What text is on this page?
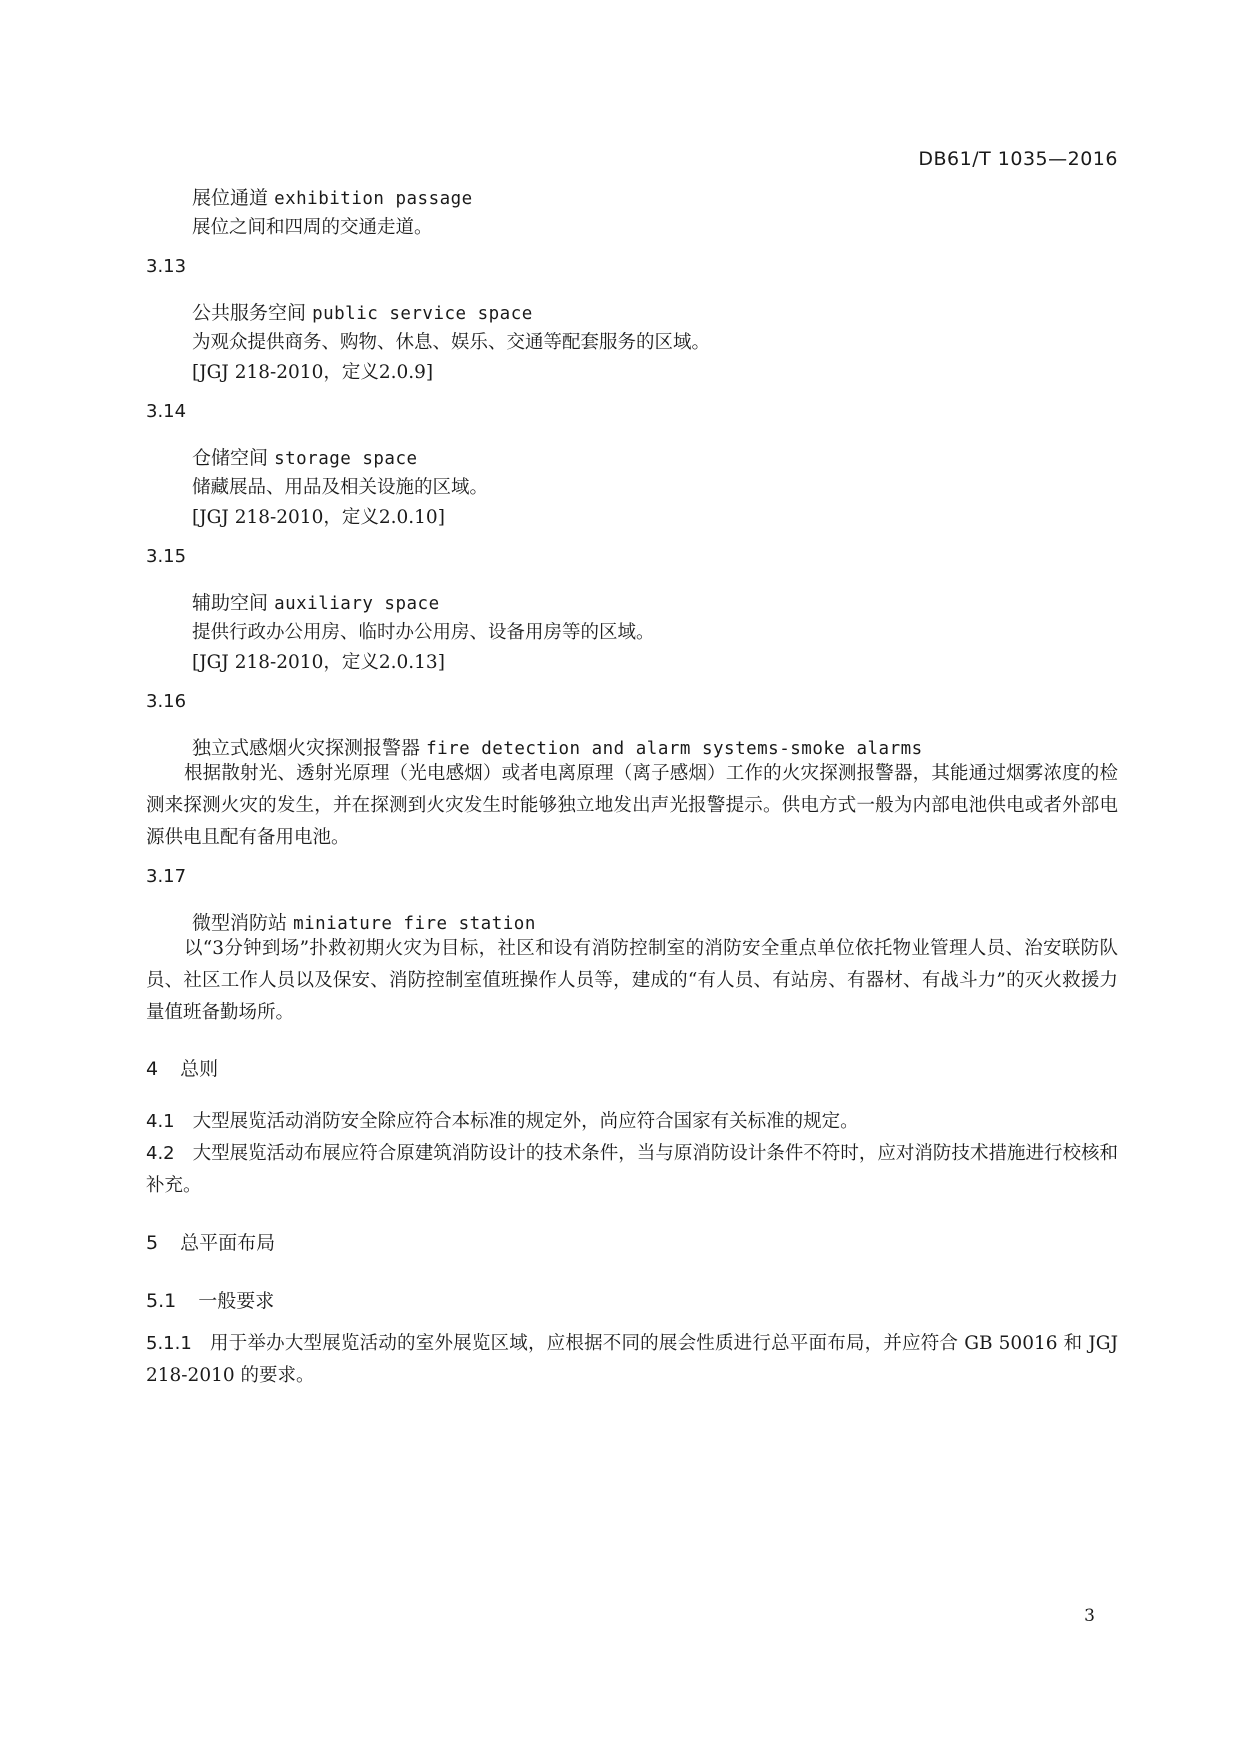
DB61/T 1035—2016
展位通道 exhibition passage
展位之间和四周的交通走道。
3.13
公共服务空间 public service space
为观众提供商务、购物、休息、娱乐、交通等配套服务的区域。
[JGJ 218-2010，定义2.0.9]
3.14
仓储空间 storage space
储藏展品、用品及相关设施的区域。
[JGJ 218-2010，定义2.0.10]
3.15
辅助空间 auxiliary space
提供行政办公用房、临时办公用房、设备用房等的区域。
[JGJ 218-2010，定义2.0.13]
3.16
独立式感烟火灾探测报警器 fire detection and alarm systems-smoke alarms
根据散射光、透射光原理（光电感烟）或者电离原理（离子感烟）工作的火灾探测报警器，其能通过烟雾浓度的检测来探测火灾的发生，并在探测到火灾发生时能够独立地发出声光报警提示。供电方式一般为内部电池供电或者外部电源供电且配有备用电池。
3.17
微型消防站 miniature fire station
以“3分钟到场”扑救初期火灾为目标，社区和设有消防控制室的消防安全重点单位依托物业管理人员、治安联防队员、社区工作人员以及保安、消防控制室值班操作人员等，建成的“有人员、有站房、有器材、有战斗力”的灭火救援力量值班备勤场所。
4 总则
4.1 大型展览活动消防安全除应符合本标准的规定外，尚应符合国家有关标准的规定。
4.2 大型展览活动布展应符合原建筑消防设计的技术条件，当与原消防设计条件不符时，应对消防技术措施进行校核和补充。
5 总平面布局
5.1 一般要求
5.1.1 用于举办大型展览活动的室外展览区域，应根据不同的展会性质进行总平面布局，并应符合 GB 50016 和 JGJ 218-2010 的要求。
3
